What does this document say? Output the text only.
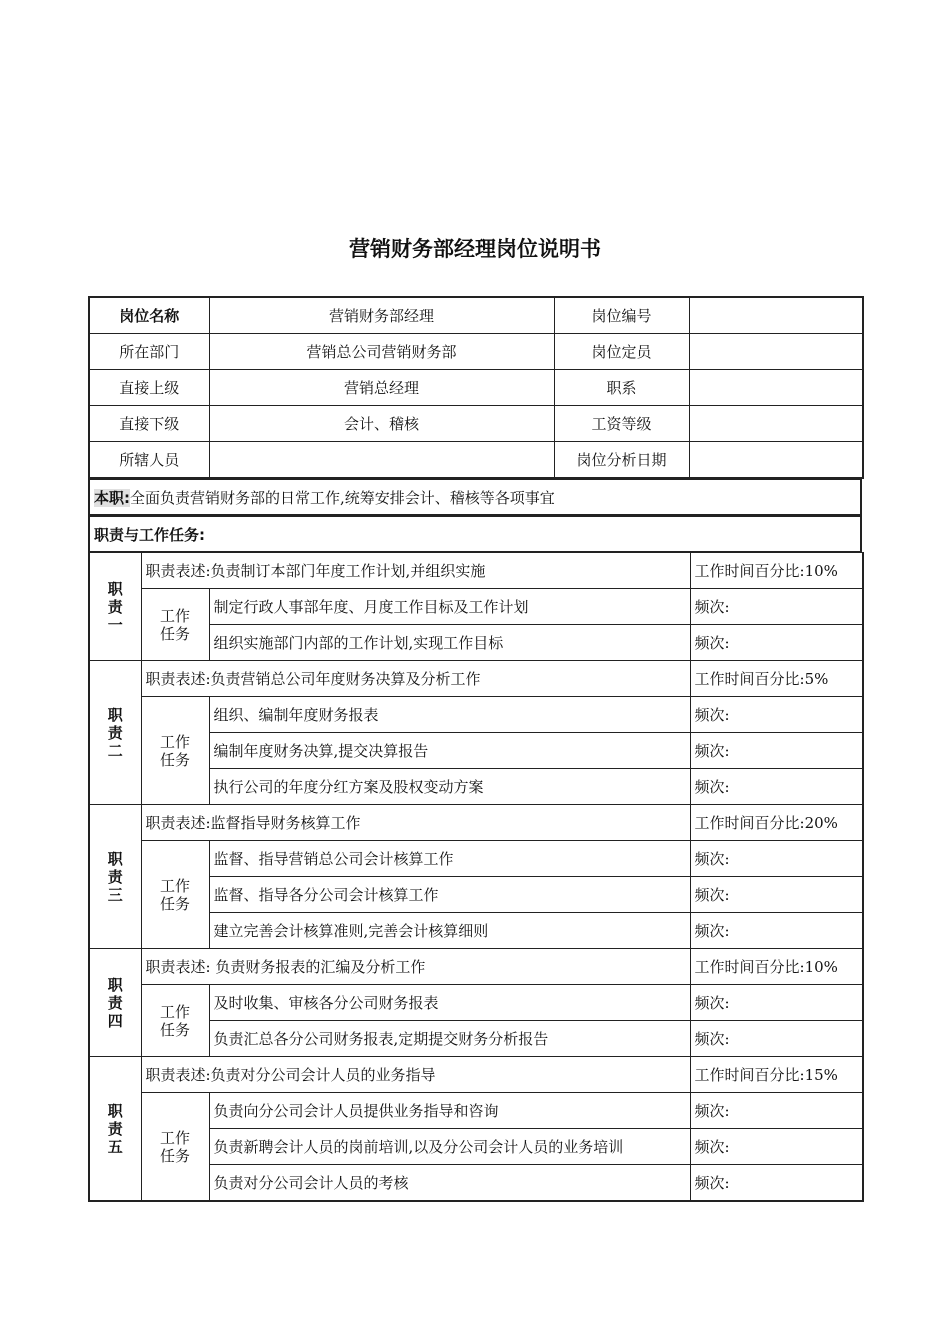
营销财务部经理岗位说明书
岗位名称	营销财务部经理	岗位编号	
所在部门	营销总公司营销财务部	岗位定员	
直接上级	营销总经理	职系	
直接下级	会计、稽核	工资等级	
所辖人员		岗位分析日期	
本职:全面负责营销财务部的日常工作,统筹安排会计、稽核等各项事宜
职责与工作任务:
职
责
一	职责表述:负责制订本部门年度工作计划,并组织实施		工作时间百分比:10%

	工作
任务	制定行政人事部年度、月度工作目标及工作计划	频次:
		组织实施部门内部的工作计划,实现工作目标	频次:

职
责
二	职责表述:负责营销总公司年度财务决算及分析工作		工作时间百分比:5%

	工作
任务	组织、编制年度财务报表	频次:
		编制年度财务决算,提交决算报告	频次:
		执行公司的年度分红方案及股权变动方案	频次:

职
责
三	职责表述:监督指导财务核算工作		工作时间百分比:20%

	工作
任务	监督、指导营销总公司会计核算工作	频次:
		监督、指导各分公司会计核算工作	频次:
		建立完善会计核算准则,完善会计核算细则	频次:

职
责
四	职责表述: 负责财务报表的汇编及分析工作		工作时间百分比:10%

	工作
任务	及时收集、审核各分公司财务报表	频次:
		负责汇总各分公司财务报表,定期提交财务分析报告	频次:

职
责
五	职责表述:负责对分公司会计人员的业务指导		工作时间百分比:15%

	工作
任务	负责向分公司会计人员提供业务指导和咨询	频次:
		负责新聘会计人员的岗前培训,以及分公司会计人员的业务培训	频次:
		负责对分公司会计人员的考核	频次:
